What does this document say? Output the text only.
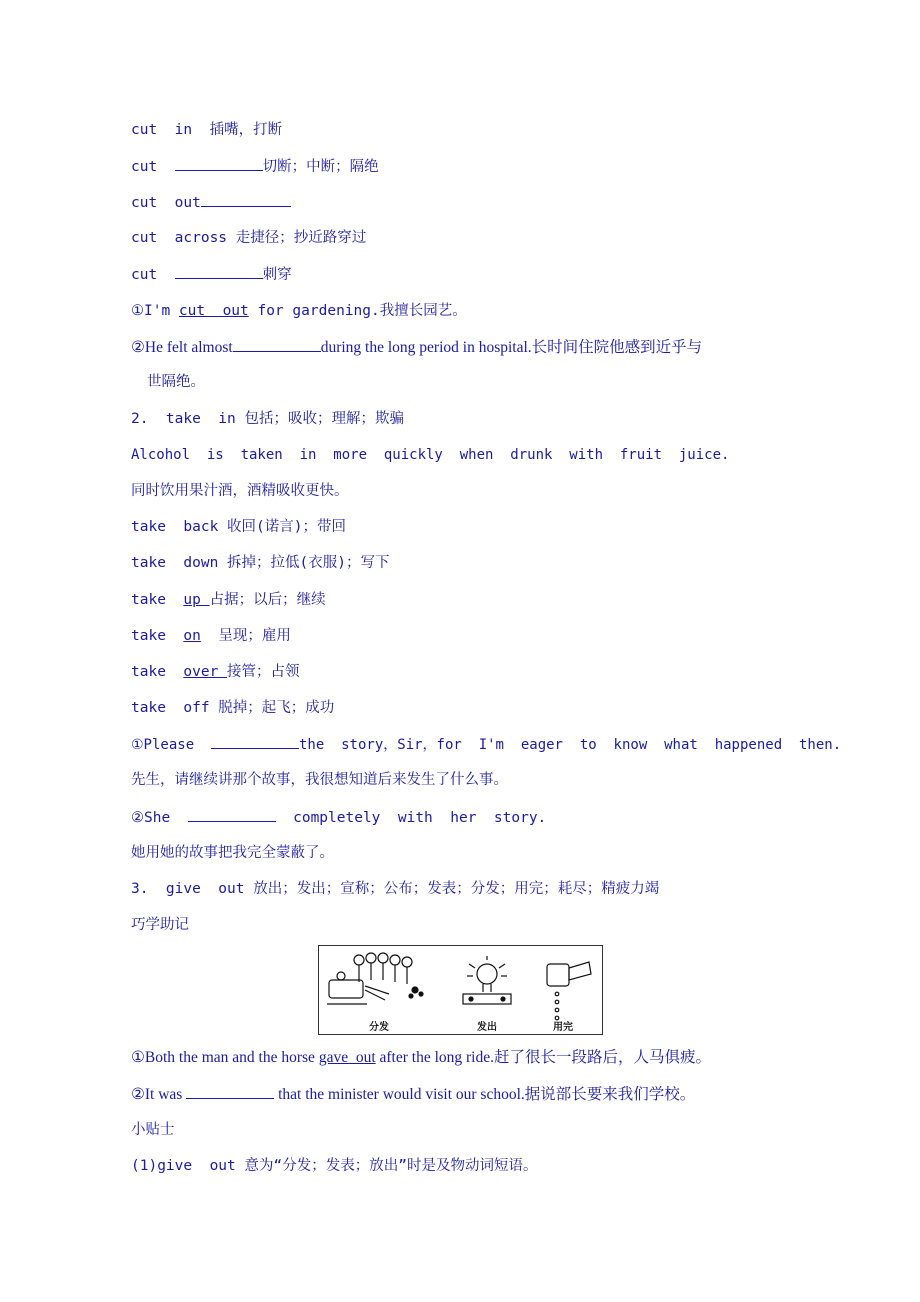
cut  in  插嘴，打断
cut	切断；中断；隔绝
cut  out
cut  across 走捷径；抄近路穿过
cut	刺穿
①I'm cut  out for gardening.我擅长园艺。
②He felt almost	during the long period in hospital.长时间住院他感到近乎与
世隔绝。
2.  take  in 包括；吸收；理解；欺骗
Alcohol  is  taken  in  more  quickly  when  drunk  with  fruit  juice.
同时饮用果汁酒，酒精吸收更快。
take  back 收回(诺言)；带回
take  down 拆掉；拉低(衣服)；写下
take  up 占据；以后；继续
take  on  呈现；雇用
take  over 接管；占领
take  off 脱掉；起飞；成功
①Please	the  story，Sir，for  I'm  eager  to  know  what  happened  then.
先生，请继续讲那个故事，我很想知道后来发生了什么事。
②She	completely  with  her  story.
她用她的故事把我完全蒙蔽了。
3.  give  out 放出；发出；宣称；公布；发表；分发；用完；耗尽；精疲力竭
巧学助记
分发	发出	用完
①Both the man and the horse gave  out after the long ride.赶了很长一段路后，人马俱疲。
②It was	that the minister would visit our school.据说部长要来我们学校。
小贴士
(1)give  out 意为“分发；发表；放出”时是及物动词短语。
